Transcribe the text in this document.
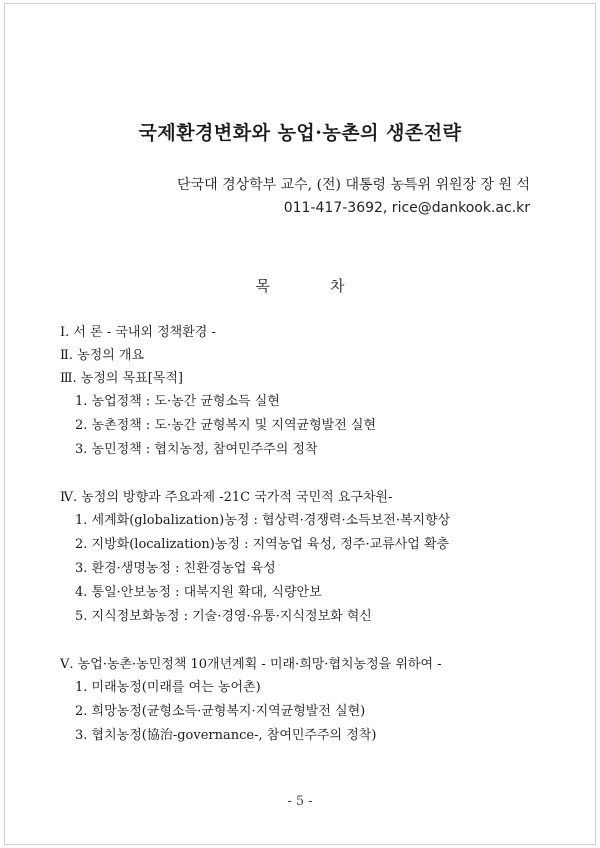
국제환경변화와 농업·농촌의 생존전략
단국대 경상학부 교수, (전) 대통령 농특위 위원장 장 원 석
011-417-3692, rice@dankook.ac.kr
목	차
Ⅰ. 서 론 - 국내외 정책환경 -
Ⅱ. 농정의 개요
Ⅲ. 농정의 목표[목적]
1. 농업정책 : 도·농간 균형소득 실현
2. 농촌정책 : 도·농간 균형복지 및 지역균형발전 실현
3. 농민정책 : 협치농정, 참여민주주의 정착
Ⅳ. 농정의 방향과 주요과제 -21C 국가적 국민적 요구차원-
1. 세계화(globalization)농정 : 협상력·경쟁력·소득보전·복지향상
2. 지방화(localization)농정 : 지역농업 육성, 정주·교류사업 확충
3. 환경·생명농정 : 친환경농업 육성
4. 통일·안보농정 : 대북지원 확대, 식량안보
5. 지식정보화농정 : 기술·경영·유통·지식정보화 혁신
Ⅴ. 농업·농촌·농민정책 10개년계획 - 미래·희망·협치농정을 위하여 -
1. 미래농정(미래를 여는 농어촌)
2. 희망농정(균형소득·균형복지·지역균형발전 실현)
3. 협치농정(協治-governance-, 참여민주주의 정착)
- 5 -
